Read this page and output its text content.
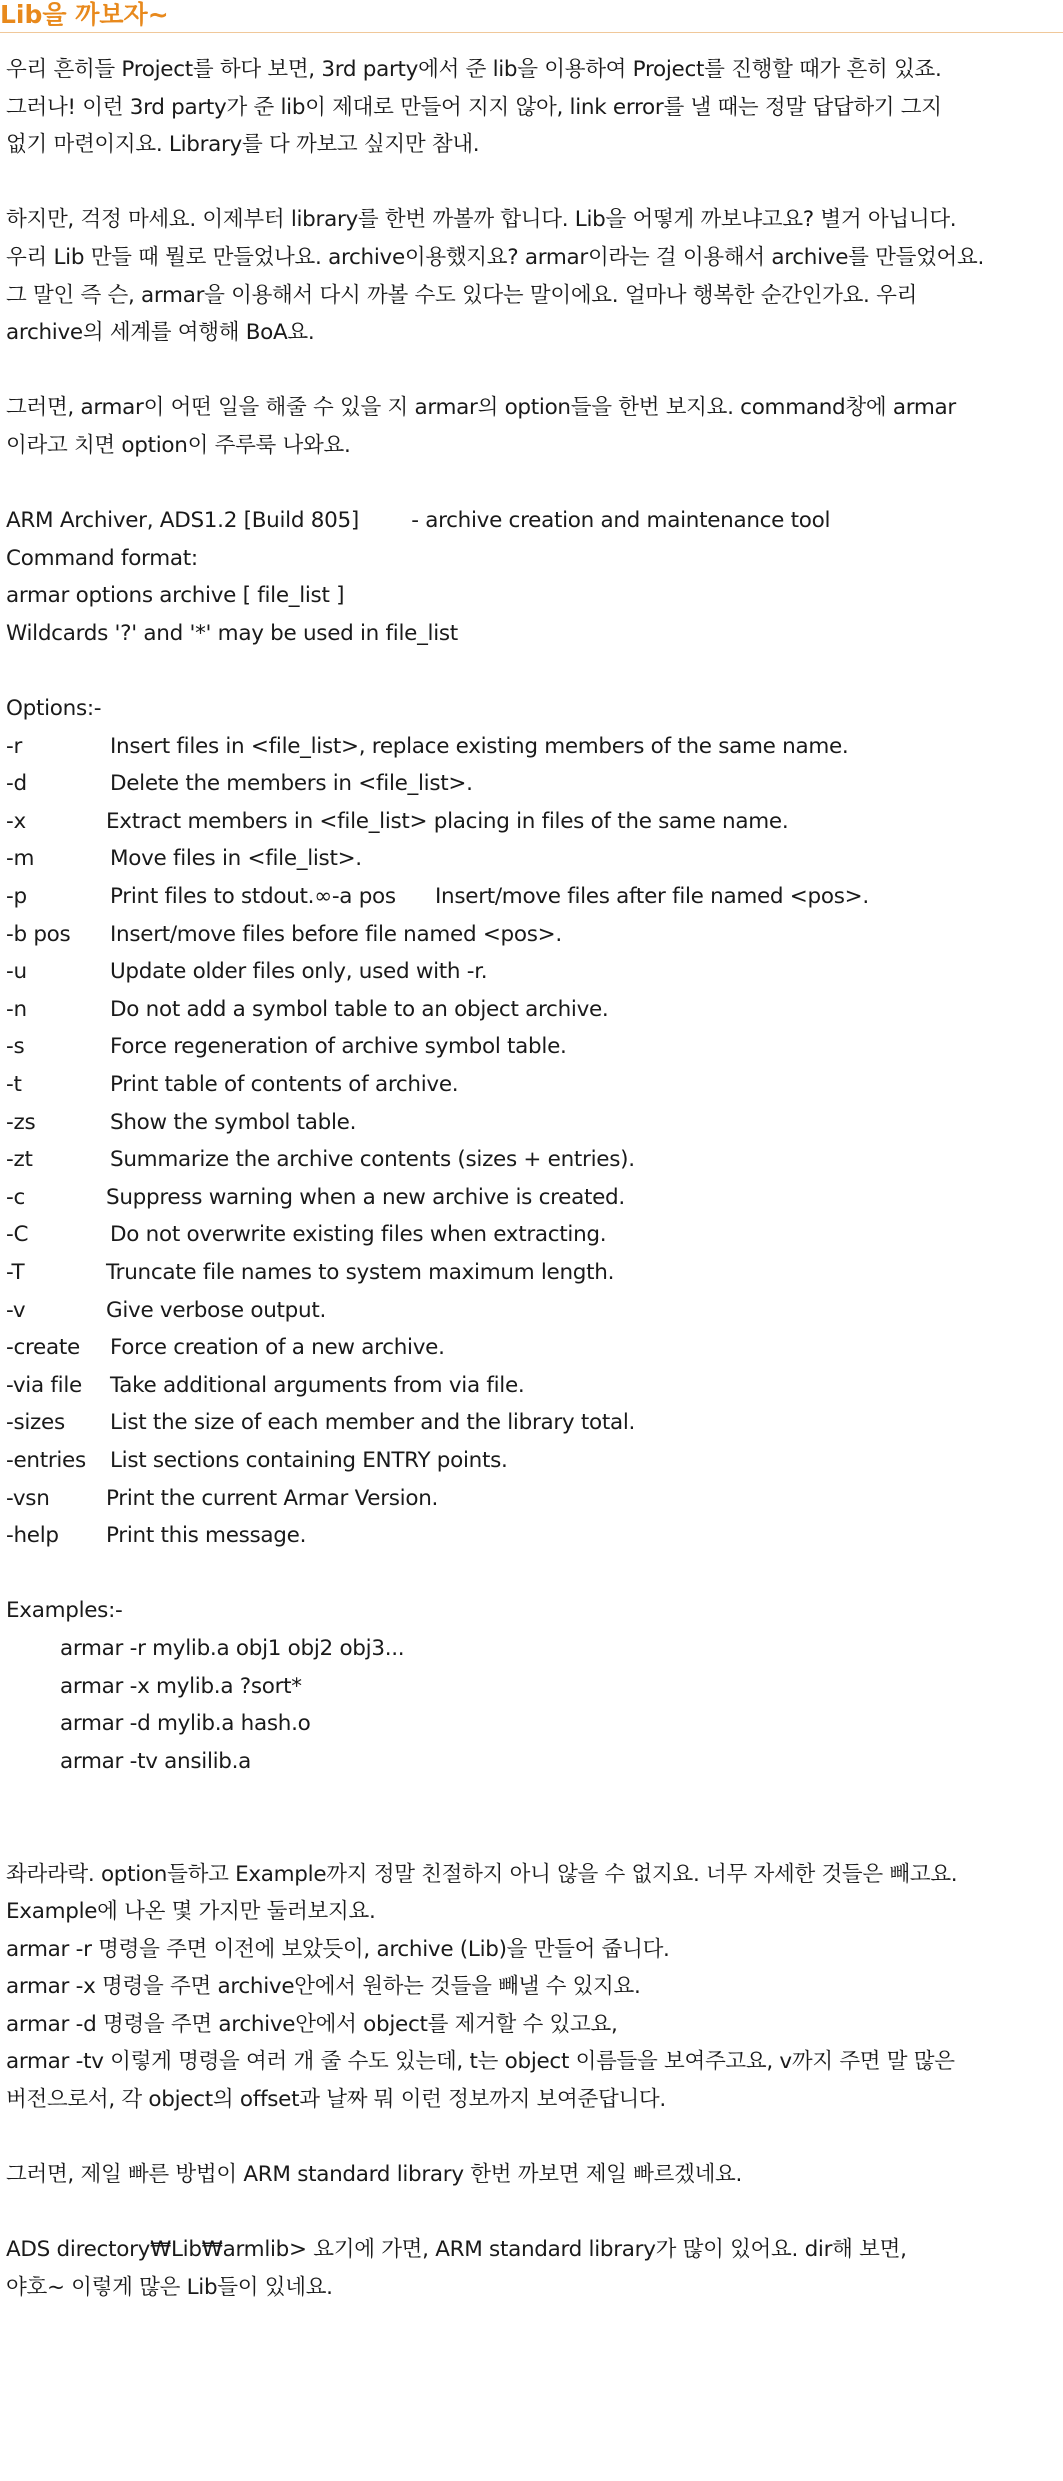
Lib을 까보자~

우리 흔히들 Project를 하다 보면, 3rd party에서 준 lib을 이용하여 Project를 진행할 때가 흔히 있죠.

그러나! 이런 3rd party가 준 lib이 제대로 만들어 지지 않아, link error를 낼 때는 정말 답답하기 그지

없기 마련이지요. Library를 다 까보고 싶지만 참내.

하지만, 걱정 마세요. 이제부터 library를 한번 까볼까 합니다. Lib을 어떻게 까보냐고요? 별거 아닙니다.

우리 Lib 만들 때 뭘로 만들었나요. archive이용했지요? armar이라는 걸 이용해서 archive를 만들었어요.

그 말인 즉 슨, armar을 이용해서 다시 까볼 수도 있다는 말이에요. 얼마나 행복한 순간인가요. 우리

archive의 세계를 여행해 BoA요.

그러면, armar이 어떤 일을 해줄 수 있을 지 armar의 option들을 한번 보지요. command창에 armar

이라고 치면 option이 주루룩 나와요.

ARM Archiver, ADS1.2 [Build 805]        - archive creation and maintenance tool

Command format:

armar options archive [ file_list ]

Wildcards '?' and '*' may be used in file_list

Options:-

-r	Insert files in <file_list>, replace existing members of the same name.
-d	Delete the members in <file_list>.
-x	Extract members in <file_list> placing in files of the same name.
-m	Move files in <file_list>.
-p	Print files to stdout.∞-a pos      Insert/move files after file named <pos>.
-b pos	Insert/move files before file named <pos>.
-u	Update older files only, used with -r.
-n	Do not add a symbol table to an object archive.
-s	Force regeneration of archive symbol table.
-t	Print table of contents of archive.
-zs	Show the symbol table.
-zt	Summarize the archive contents (sizes + entries).
-c	Suppress warning when a new archive is created.
-C	Do not overwrite existing files when extracting.
-T	Truncate file names to system maximum length.
-v	Give verbose output.
-create	Force creation of a new archive.
-via file	Take additional arguments from via file.
-sizes	List the size of each member and the library total.
-entries	List sections containing ENTRY points.
-vsn	Print the current Armar Version.
-help	Print this message.

Examples:-

armar -r mylib.a obj1 obj2 obj3...

armar -x mylib.a ?sort*

armar -d mylib.a hash.o

armar -tv ansilib.a

좌라라락. option들하고 Example까지 정말 친절하지 아니 않을 수 없지요. 너무 자세한 것들은 빼고요.

Example에 나온 몇 가지만 둘러보지요.

armar -r 명령을 주면 이전에 보았듯이, archive (Lib)을 만들어 줍니다.

armar -x 명령을 주면 archive안에서 원하는 것들을 빼낼 수 있지요.

armar -d 명령을 주면 archive안에서 object를 제거할 수 있고요,

armar -tv 이렇게 명령을 여러 개 줄 수도 있는데, t는 object 이름들을 보여주고요, v까지 주면 말 많은

버전으로서, 각 object의 offset과 날짜 뭐 이런 정보까지 보여준답니다.

그러면, 제일 빠른 방법이 ARM standard library 한번 까보면 제일 빠르겠네요.

ADS directory₩Lib₩armlib> 요기에 가면, ARM standard library가 많이 있어요. dir해 보면,

야호~ 이렇게 많은 Lib들이 있네요.
